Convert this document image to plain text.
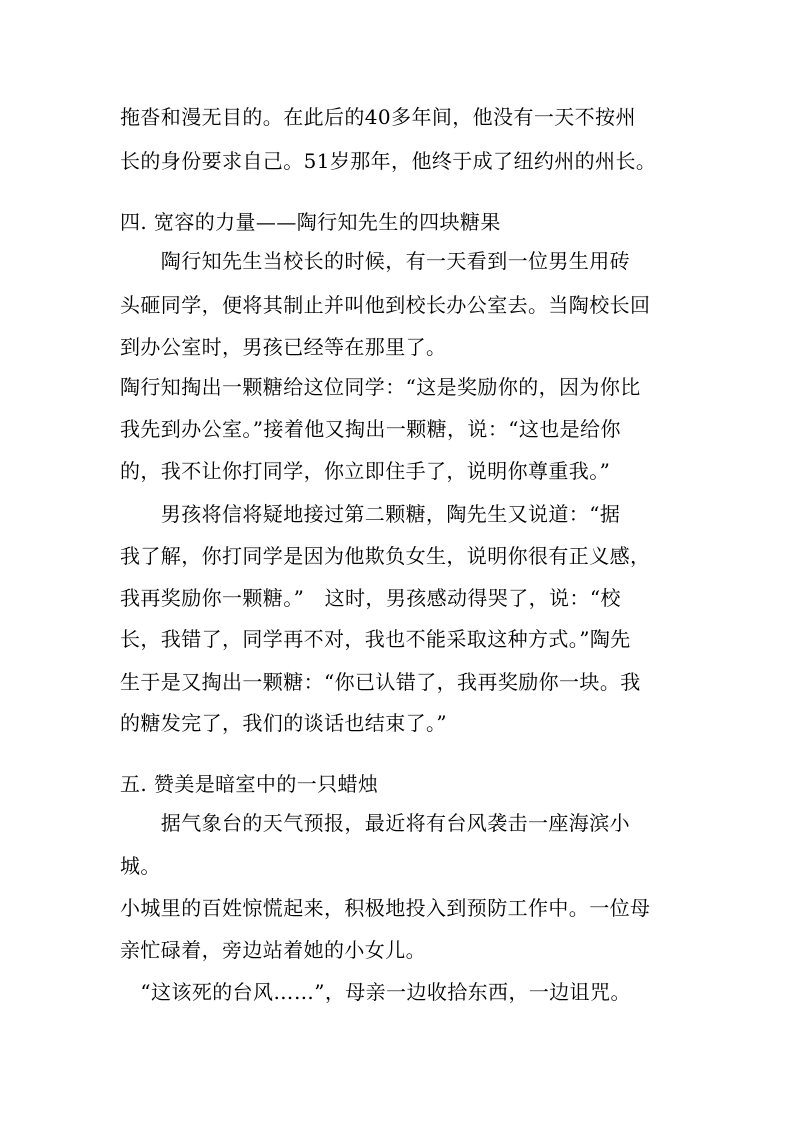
拖沓和漫无目的。在此后的40多年间，他没有一天不按州
长的身份要求自己。51岁那年，他终于成了纽约州的州长。
四. 宽容的力量——陶行知先生的四块糖果
　　陶行知先生当校长的时候，有一天看到一位男生用砖
头砸同学，便将其制止并叫他到校长办公室去。当陶校长回
到办公室时，男孩已经等在那里了。
陶行知掏出一颗糖给这位同学：“这是奖励你的，因为你比
我先到办公室。”接着他又掏出一颗糖，说：“这也是给你
的，我不让你打同学，你立即住手了，说明你尊重我。”
　　男孩将信将疑地接过第二颗糖，陶先生又说道：“据
我了解，你打同学是因为他欺负女生，说明你很有正义感，
我再奖励你一颗糖。”　这时，男孩感动得哭了，说：“校
长，我错了，同学再不对，我也不能采取这种方式。”陶先
生于是又掏出一颗糖：“你已认错了，我再奖励你一块。我
的糖发完了，我们的谈话也结束了。”
五. 赞美是暗室中的一只蜡烛
　　据气象台的天气预报，最近将有台风袭击一座海滨小
城。
小城里的百姓惊慌起来，积极地投入到预防工作中。一位母
亲忙碌着，旁边站着她的小女儿。
　“这该死的台风……”，母亲一边收拾东西，一边诅咒。
